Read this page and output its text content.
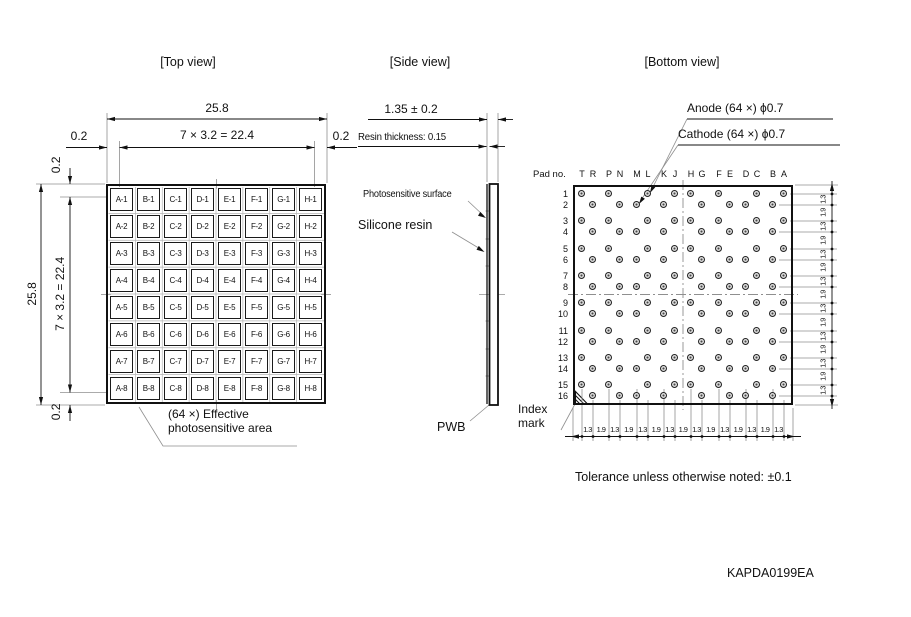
[Top view]	[Side view]	[Bottom view]
25.8
7 × 3.2 = 22.4
0.2	0.2
25.8 7 × 3.2 = 22.4
0.2
0.2
A-1	B-1	C-1	D-1	E-1	F-1	G-1	H-1
A-2	B-2	C-2	D-2	E-2	F-2	G-2	H-2
A-3	B-3	C-3	D-3	E-3	F-3	G-3	H-3
A-4	B-4	C-4	D-4	E-4	F-4	G-4	H-4
A-5	B-5	C-5	D-5	E-5	F-5	G-5	H-5
A-6	B-6	C-6	D-6	E-6	F-6	G-6	H-6
A-7	B-7	C-7	D-7	E-7	F-7	G-7	H-7
A-8	B-8	C-8	D-8	E-8	F-8	G-8	H-8
(64 ×) Effective
photosensitive area
1.35 ± 0.2
Resin thickness: 0.15
Photosensitive surface
Silicone resin
PWB
Anode (64 ×) ϕ0.7
Cathode (64 ×) ϕ0.7
Pad no.
Index
mark
T R P N M L K J	H G F E D C B A
1
2
3
4
5
6
7
8
9
10
11
12
13
14
15
16
1.3 1.9 1.3 1.9 1.3 1.9 1.3 1.9 1.3 1.9 1.3 1.9 1.3 1.9 1.3
1.3
1.9
1.3
1.9
1.3
1.9
1.3
1.9
1.3
1.9
1.3
1.9
1.3
1.9
1.3
Tolerance unless otherwise noted: ±0.1
KAPDA0199EA
